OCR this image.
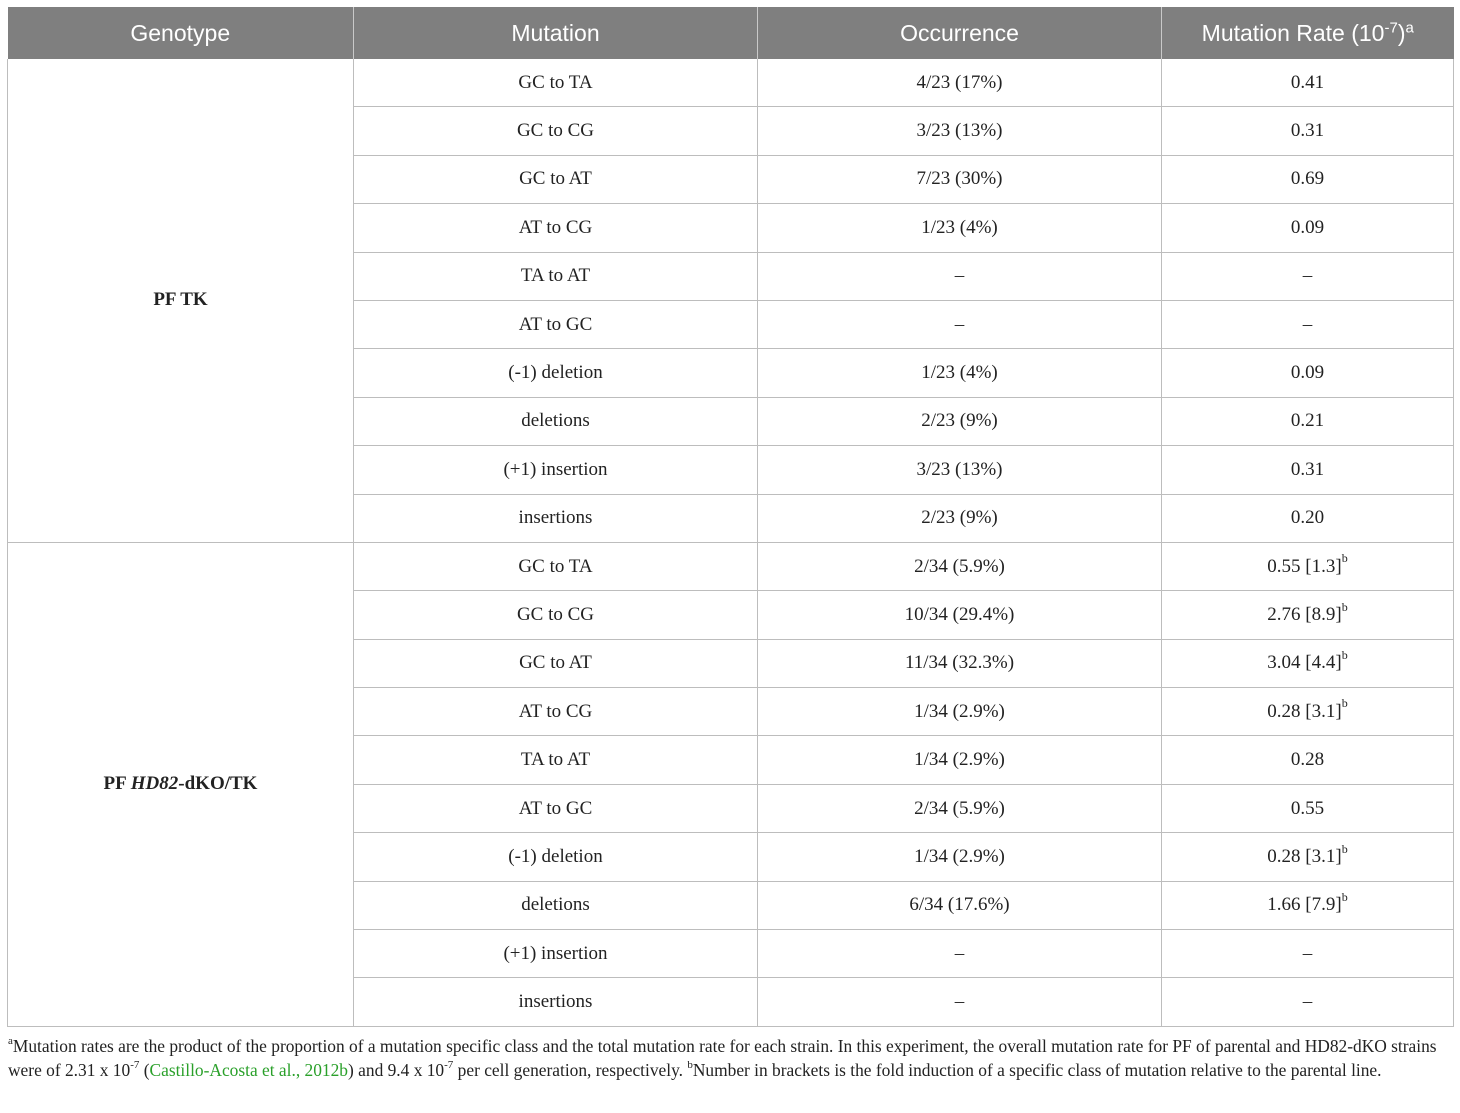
Genotype	Mutation	Occurrence	Mutation Rate $(10^{-7})^a$
PF TK	GC to TA	4/23 (17%)	0.41
	GC to CG	3/23 (13%)	0.31
	GC to AT	7/23 (30%)	0.69
	AT to CG	1/23 (4%)	0.09
	TA to AT	–	–
	AT to GC	–	–
	(-1) deletion	1/23 (4%)	0.09
	deletions	2/23 (9%)	0.21
	(+1) insertion	3/23 (13%)	0.31
	insertions	2/23 (9%)	0.20
PF HD82-dKO/TK	GC to TA	2/34 (5.9%)	0.55 $[1.3]^b$
	GC to CG	10/34 (29.4%)	2.76 $[8.9]^b$
	GC to AT	11/34 (32.3%)	3.04 $[4.4]^b$
	AT to CG	1/34 (2.9%)	0.28 $[3.1]^b$
	TA to AT	1/34 (2.9%)	0.28
	AT to GC	2/34 (5.9%)	0.55
	(-1) deletion	1/34 (2.9%)	0.28 $[3.1]^b$
	deletions	6/34 (17.6%)	1.66 $[7.9]^b$
	(+1) insertion	–	–
	insertions	–	–

$^a$Mutation rates are the product of the proportion of a mutation specific class and the total mutation rate for each strain. In this experiment, the overall mutation rate for PF of parental and HD82-dKO strains were of 2.31 x $10^{-7}$ (Castillo-Acosta et al., 2012b) and 9.4 x $10^{-7}$ per cell generation, respectively. $^b$Number in brackets is the fold induction of a specific class of mutation relative to the parental line.
